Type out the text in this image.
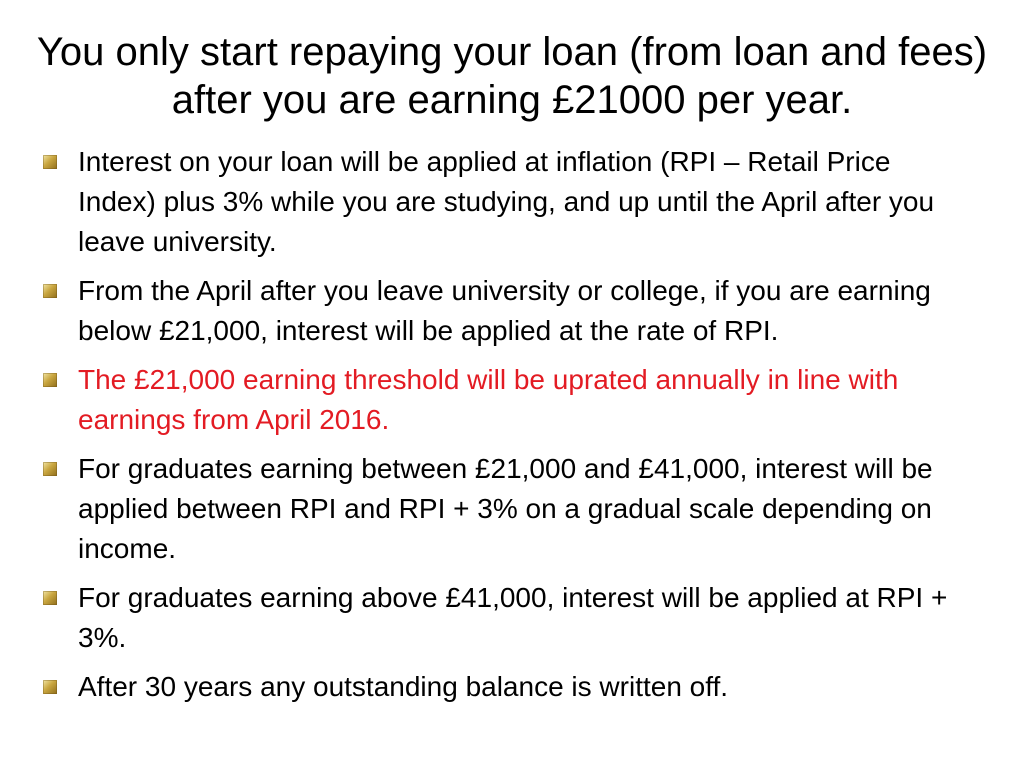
You only start repaying your loan (from loan and fees) after you are earning £21000 per year.
Interest on your loan will be applied at inflation (RPI – Retail Price Index) plus 3% while you are studying, and up until the April after you leave university.
From the April after you leave university or college, if you are earning below £21,000, interest will be applied at the rate of RPI.
The £21,000 earning threshold will be uprated annually in line with earnings from April 2016.
For graduates earning between £21,000 and £41,000, interest will be applied between RPI and RPI + 3% on a gradual scale depending on income.
For graduates earning above £41,000, interest will be applied at RPI + 3%.
After 30 years any outstanding balance is written off.
